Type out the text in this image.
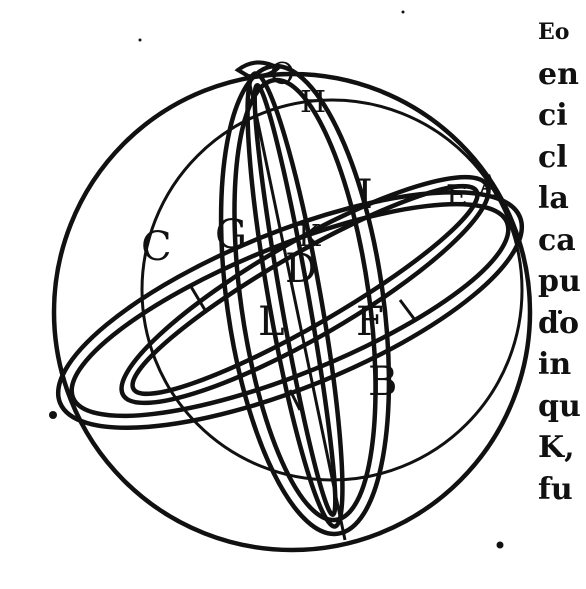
O
H
I E A
C G K
D
L F
B
Eo
en
ci
cl
la
ca
pu
do
in
qu
K,
fu
